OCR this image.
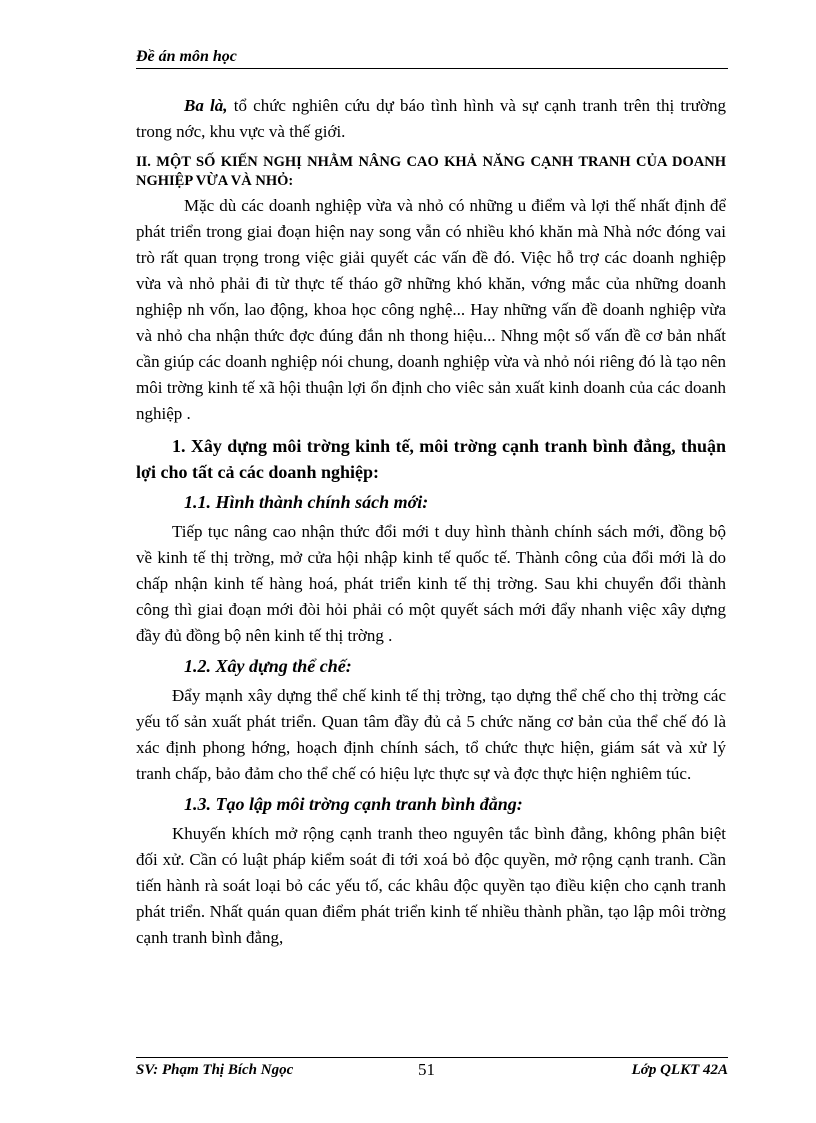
Đề án môn học

Ba là, tổ chức nghiên cứu dự báo tình hình và sự cạnh tranh trên thị trường trong nớc, khu vực và thế giới.

II. MỘT SỐ KIẾN NGHỊ NHẰM NÂNG CAO KHẢ NĂNG CẠNH TRANH CỦA DOANH NGHIỆP VỪA VÀ NHỎ:

Mặc dù các doanh nghiệp vừa và nhỏ có những u điểm và lợi thế nhất định để phát triển trong giai đoạn hiện nay song vẫn có nhiều khó khăn mà Nhà nớc đóng vai trò rất quan trọng trong việc giải quyết các vấn đề đó. Việc hỗ trợ các doanh nghiệp vừa và nhỏ phải đi từ thực tế tháo gỡ những khó khăn, vớng mắc của những doanh nghiệp nh vốn, lao động, khoa học công nghệ... Hay những vấn đề doanh nghiệp vừa và nhỏ cha nhận thức đợc đúng đắn nh thong hiệu... Nhng một số vấn đề cơ bản nhất cần giúp các doanh nghiệp nói chung, doanh nghiệp vừa và nhỏ nói riêng đó là tạo nên môi trờng kinh tế xã hội thuận lợi ổn định cho viêc sản xuất kinh doanh của các doanh nghiệp .

1. Xây dựng môi trờng kinh tế, môi trờng cạnh tranh bình đẳng, thuận lợi cho tất cả các doanh nghiệp:

1.1. Hình thành chính sách mới:

Tiếp tục nâng cao nhận thức đổi mới t duy hình thành chính sách mới, đồng bộ về kinh tế thị trờng, mở cửa hội nhập kinh tế quốc tế. Thành công của đổi mới là do chấp nhận kinh tế hàng hoá, phát triển kinh tế thị trờng. Sau khi chuyển đổi thành công thì giai đoạn mới đòi hỏi phải có một quyết sách mới đẩy nhanh việc xây dựng đầy đủ đồng bộ nên kinh tế thị trờng .

1.2. Xây dựng thể chế:

Đẩy mạnh xây dựng thể chế kinh tế thị trờng, tạo dựng thể chế cho thị trờng các yếu tố sản xuất phát triển. Quan tâm đầy đủ cả 5 chức năng cơ bản của thể chế đó là xác định phong hớng, hoạch định chính sách, tổ chức thực hiện, giám sát và xử lý tranh chấp, bảo đảm cho thể chế có hiệu lực thực sự và đợc thực hiện nghiêm túc.

1.3. Tạo lập môi trờng cạnh tranh bình đẳng:

Khuyến khích mở rộng cạnh tranh theo nguyên tắc bình đẳng, không phân biệt đối xử. Cần có luật pháp kiểm soát đi tới xoá bỏ độc quyền, mở rộng cạnh tranh. Cần tiến hành rà soát loại bỏ các yếu tố, các khâu độc quyền tạo điều kiện cho cạnh tranh phát triển. Nhất quán quan điểm phát triển kinh tế nhiều thành phần, tạo lập môi trờng cạnh tranh bình đẳng,

SV: Phạm Thị Bích Ngọc	51	Lớp QLKT 42A
